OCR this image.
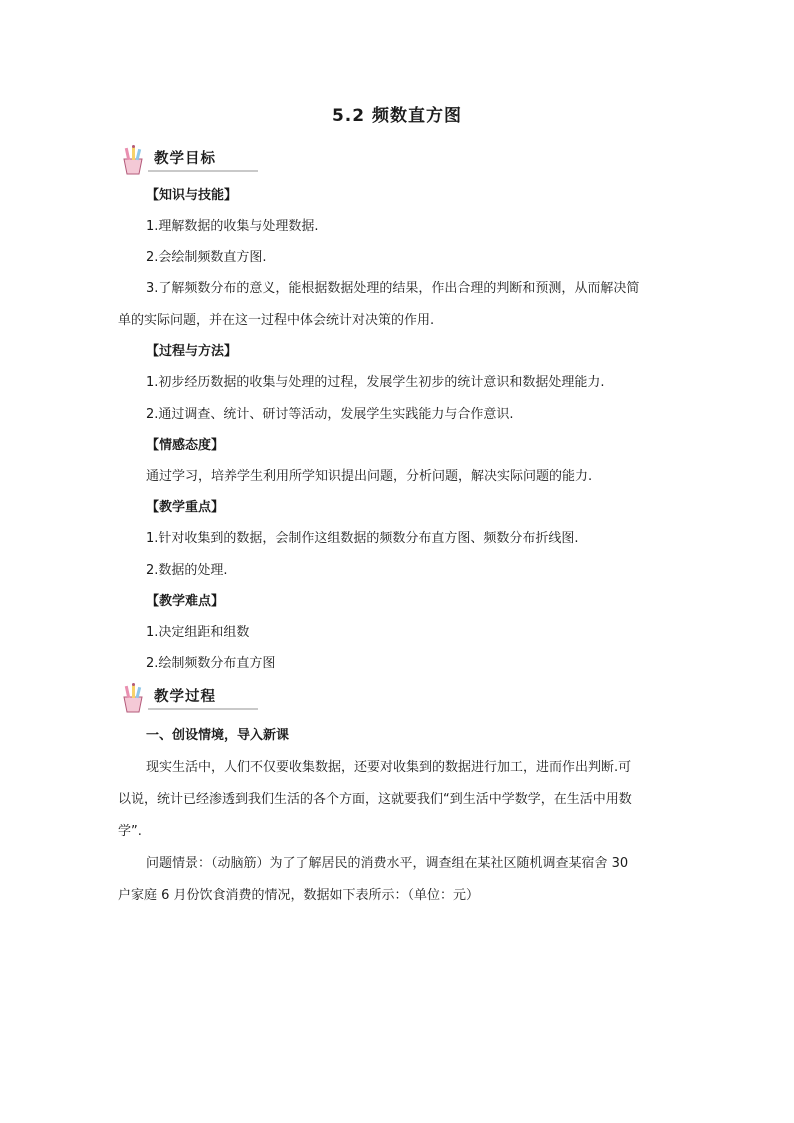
5.2 频数直方图
教学目标
【知识与技能】
1.理解数据的收集与处理数据.
2.会绘制频数直方图.
3.了解频数分布的意义，能根据数据处理的结果，作出合理的判断和预测，从而解决简
单的实际问题，并在这一过程中体会统计对决策的作用.
【过程与方法】
1.初步经历数据的收集与处理的过程，发展学生初步的统计意识和数据处理能力.
2.通过调查、统计、研讨等活动，发展学生实践能力与合作意识.
【情感态度】
通过学习，培养学生利用所学知识提出问题，分析问题，解决实际问题的能力.
【教学重点】
1.针对收集到的数据，会制作这组数据的频数分布直方图、频数分布折线图.
2.数据的处理.
【教学难点】
1.决定组距和组数
2.绘制频数分布直方图
教学过程
一、创设情境，导入新课
现实生活中，人们不仅要收集数据，还要对收集到的数据进行加工，进而作出判断.可
以说，统计已经渗透到我们生活的各个方面，这就要我们“到生活中学数学，在生活中用数
学”.
问题情景：（动脑筋）为了了解居民的消费水平，调查组在某社区随机调查某宿舍 30
户家庭 6 月份饮食消费的情况，数据如下表所示：（单位：元）
